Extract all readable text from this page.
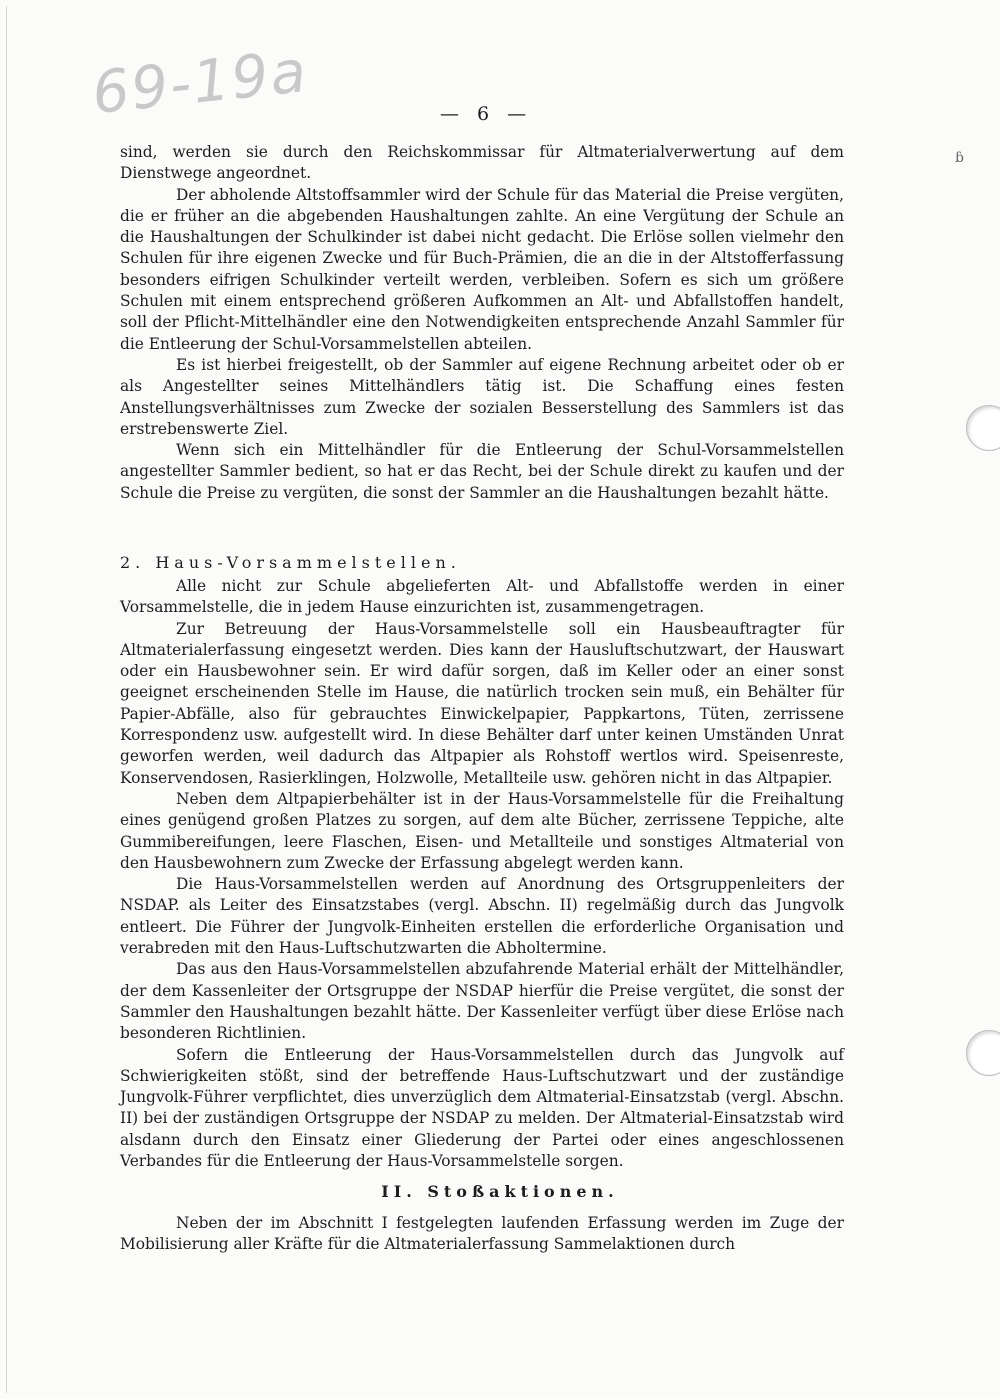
69-19a	— 6 —
ɓ

sind, werden sie durch den Reichskommissar für Altmaterialverwertung auf dem Dienstwege angeordnet.

Der abholende Altstoffsammler wird der Schule für das Material die Preise vergüten, die er früher an die abgebenden Haushaltungen zahlte. An eine Vergütung der Schule an die Haushaltungen der Schulkinder ist dabei nicht gedacht. Die Erlöse sollen vielmehr den Schulen für ihre eigenen Zwecke und für Buch-Prämien, die an die in der Altstofferfassung besonders eifrigen Schulkinder verteilt werden, verbleiben. Sofern es sich um größere Schulen mit einem entsprechend größeren Aufkommen an Alt- und Abfallstoffen handelt, soll der Pflicht-Mittelhändler eine den Notwendigkeiten entsprechende Anzahl Sammler für die Entleerung der Schul-Vorsammelstellen abteilen.

Es ist hierbei freigestellt, ob der Sammler auf eigene Rechnung arbeitet oder ob er als Angestellter seines Mittelhändlers tätig ist. Die Schaffung eines festen Anstellungsverhältnisses zum Zwecke der sozialen Besserstellung des Sammlers ist das erstrebenswerte Ziel.

Wenn sich ein Mittelhändler für die Entleerung der Schul-Vorsammelstellen angestellter Sammler bedient, so hat er das Recht, bei der Schule direkt zu kaufen und der Schule die Preise zu vergüten, die sonst der Sammler an die Haushaltungen bezahlt hätte.

2. Haus-Vorsammelstellen.

Alle nicht zur Schule abgelieferten Alt- und Abfallstoffe werden in einer Vorsammelstelle, die in jedem Hause einzurichten ist, zusammengetragen.

Zur Betreuung der Haus-Vorsammelstelle soll ein Hausbeauftragter für Altmaterialerfassung eingesetzt werden. Dies kann der Hausluftschutzwart, der Hauswart oder ein Hausbewohner sein. Er wird dafür sorgen, daß im Keller oder an einer sonst geeignet erscheinenden Stelle im Hause, die natürlich trocken sein muß, ein Behälter für Papier-Abfälle, also für gebrauchtes Einwickelpapier, Pappkartons, Tüten, zerrissene Korrespondenz usw. aufgestellt wird. In diese Behälter darf unter keinen Umständen Unrat geworfen werden, weil dadurch das Altpapier als Rohstoff wertlos wird. Speisenreste, Konservendosen, Rasierklingen, Holzwolle, Metallteile usw. gehören nicht in das Altpapier.

Neben dem Altpapierbehälter ist in der Haus-Vorsammelstelle für die Freihaltung eines genügend großen Platzes zu sorgen, auf dem alte Bücher, zerrissene Teppiche, alte Gummibereifungen, leere Flaschen, Eisen- und Metallteile und sonstiges Altmaterial von den Hausbewohnern zum Zwecke der Erfassung abgelegt werden kann.

Die Haus-Vorsammelstellen werden auf Anordnung des Ortsgruppenleiters der NSDAP. als Leiter des Einsatzstabes (vergl. Abschn. II) regelmäßig durch das Jungvolk entleert. Die Führer der Jungvolk-Einheiten erstellen die erforderliche Organisation und verabreden mit den Haus-Luftschutzwarten die Abholtermine.

Das aus den Haus-Vorsammelstellen abzufahrende Material erhält der Mittelhändler, der dem Kassenleiter der Ortsgruppe der NSDAP hierfür die Preise vergütet, die sonst der Sammler den Haushaltungen bezahlt hätte. Der Kassenleiter verfügt über diese Erlöse nach besonderen Richtlinien.

Sofern die Entleerung der Haus-Vorsammelstellen durch das Jungvolk auf Schwierigkeiten stößt, sind der betreffende Haus-Luftschutzwart und der zuständige Jungvolk-Führer verpflichtet, dies unverzüglich dem Altmaterial-Einsatzstab (vergl. Abschn. II) bei der zuständigen Ortsgruppe der NSDAP zu melden. Der Altmaterial-Einsatzstab wird alsdann durch den Einsatz einer Gliederung der Partei oder eines angeschlossenen Verbandes für die Entleerung der Haus-Vorsammelstelle sorgen.

II. Stoßaktionen.

Neben der im Abschnitt I festgelegten laufenden Erfassung werden im Zuge der Mobilisierung aller Kräfte für die Altmaterialerfassung Sammelaktionen durch
